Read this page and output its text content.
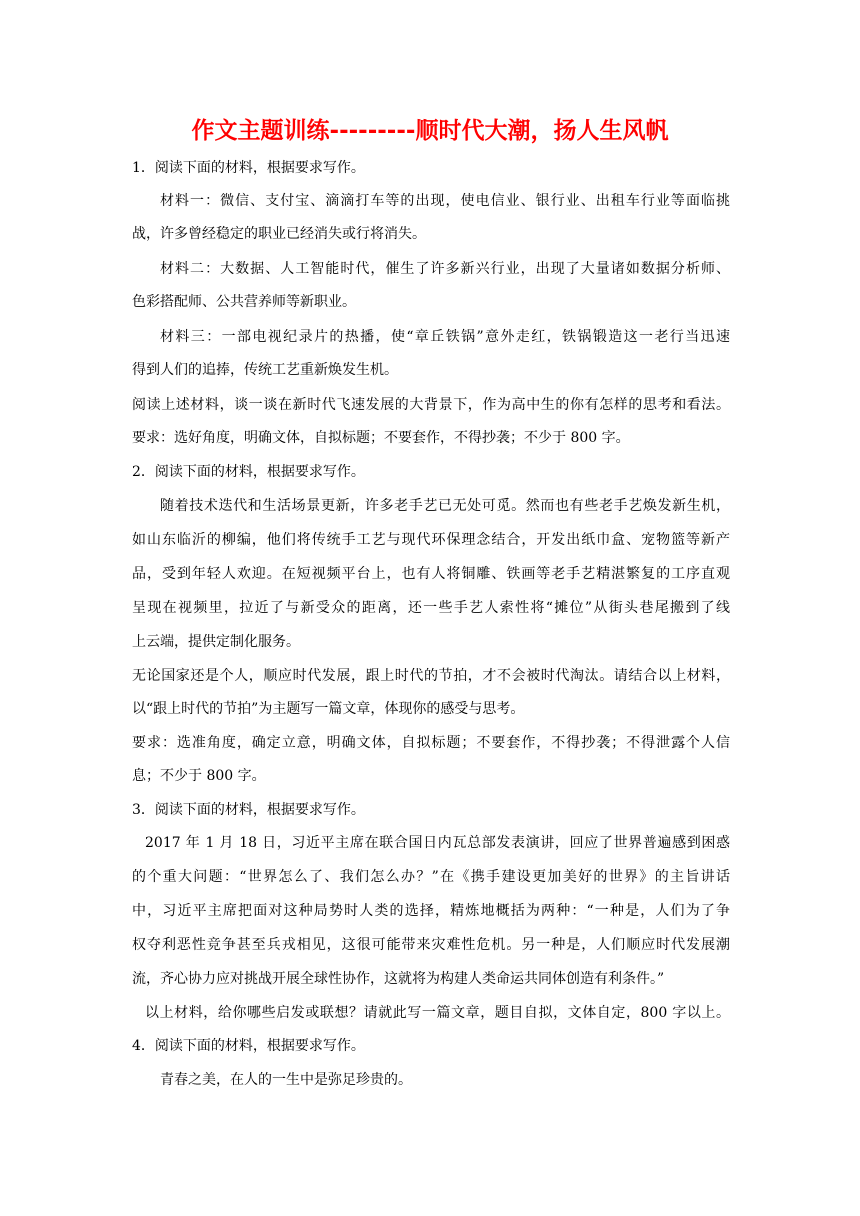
作文主题训练---------顺时代大潮，扬人生风帆
1．阅读下面的材料，根据要求写作。
材料一：微信、支付宝、滴滴打车等的出现，使电信业、银行业、出租车行业等面临挑
战，许多曾经稳定的职业已经消失或行将消失。
材料二：大数据、人工智能时代，催生了许多新兴行业，出现了大量诸如数据分析师、
色彩搭配师、公共营养师等新职业。
材料三：一部电视纪录片的热播，使“章丘铁锅”意外走红，铁锅锻造这一老行当迅速
得到人们的追捧，传统工艺重新焕发生机。
阅读上述材料，谈一谈在新时代飞速发展的大背景下，作为高中生的你有怎样的思考和看法。
要求：选好角度，明确文体，自拟标题；不要套作，不得抄袭；不少于 800 字。
2．阅读下面的材料，根据要求写作。
随着技术迭代和生活场景更新，许多老手艺已无处可觅。然而也有些老手艺焕发新生机，
如山东临沂的柳编，他们将传统手工艺与现代环保理念结合，开发出纸巾盒、宠物篮等新产
品，受到年轻人欢迎。在短视频平台上，也有人将铜雕、铁画等老手艺精湛繁复的工序直观
呈现在视频里，拉近了与新受众的距离，还一些手艺人索性将“摊位”从街头巷尾搬到了线
上云端，提供定制化服务。
无论国家还是个人，顺应时代发展，跟上时代的节拍，才不会被时代淘汰。请结合以上材料，
以“跟上时代的节拍”为主题写一篇文章，体现你的感受与思考。
要求：选准角度，确定立意，明确文体，自拟标题；不要套作，不得抄袭；不得泄露个人信
息；不少于 800 字。
3．阅读下面的材料，根据要求写作。
2017 年 1 月 18 日，习近平主席在联合国日内瓦总部发表演讲，回应了世界普遍感到困惑
的个重大问题：“世界怎么了、我们怎么办？”在《携手建设更加美好的世界》的主旨讲话
中，习近平主席把面对这种局势时人类的选择，精炼地概括为两种：“一种是，人们为了争
权夺利恶性竞争甚至兵戎相见，这很可能带来灾难性危机。另一种是，人们顺应时代发展潮
流，齐心协力应对挑战开展全球性协作，这就将为构建人类命运共同体创造有利条件。”
以上材料，给你哪些启发或联想？请就此写一篇文章，题目自拟，文体自定，800 字以上。
4．阅读下面的材料，根据要求写作。
青春之美，在人的一生中是弥足珍贵的。
